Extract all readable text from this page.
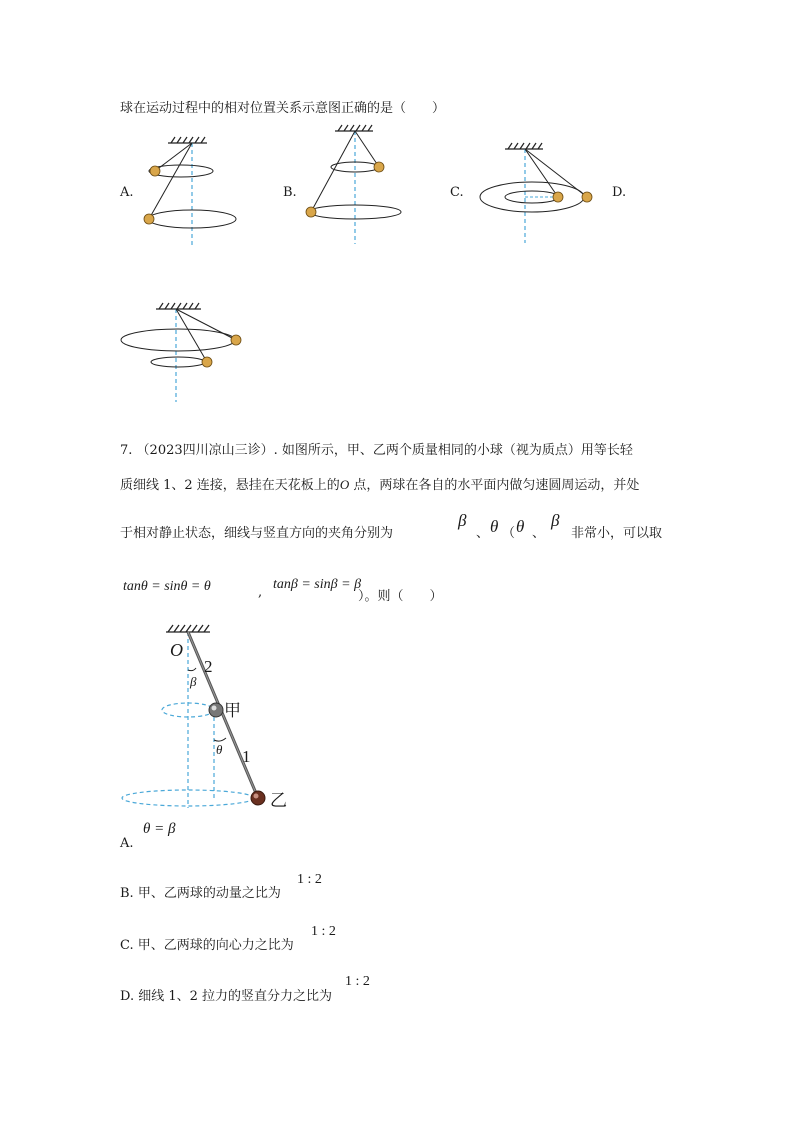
球在运动过程中的相对位置关系示意图正确的是（　　）
A.	B.	C.	D.
7. （2023四川凉山三诊）. 如图所示，甲、乙两个质量相同的小球（视为质点）用等长轻
质细线 1、2 连接，悬挂在天花板上的O 点，两球在各自的水平面内做匀速圆周运动，并处
于相对静止状态，细线与竖直方向的夹角分别为
β
、 θ （ θ 、
β
非常小，可以取
tanθ = sinθ = θ	,
tanβ = sinβ = β
）。则（　　）
O
2
β
甲
θ 1
乙
A.
θ = β
B. 甲、乙两球的动量之比为
1 : 2
C. 甲、乙两球的向心力之比为
1 : 2
D. 细线 1、2 拉力的竖直分力之比为
1 : 2
